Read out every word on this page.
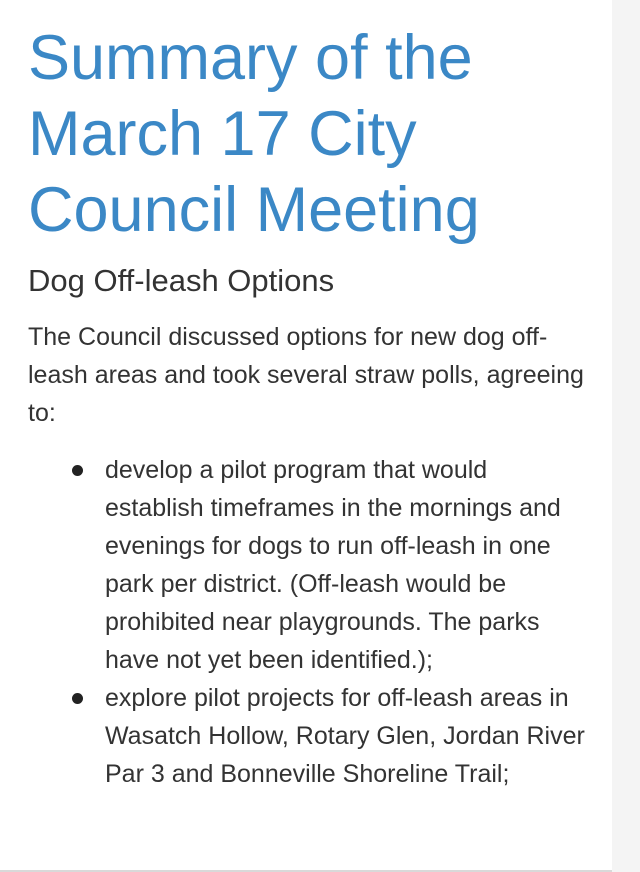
Summary of the March 17 City Council Meeting
Dog Off-leash Options

The Council discussed options for new dog off-leash areas and took several straw polls, agreeing to:

develop a pilot program that would establish timeframes in the mornings and evenings for dogs to run off-leash in one park per district. (Off-leash would be prohibited near playgrounds. The parks have not yet been identified.);
explore pilot projects for off-leash areas in Wasatch Hollow, Rotary Glen, Jordan River Par 3 and Bonneville Shoreline Trail;
